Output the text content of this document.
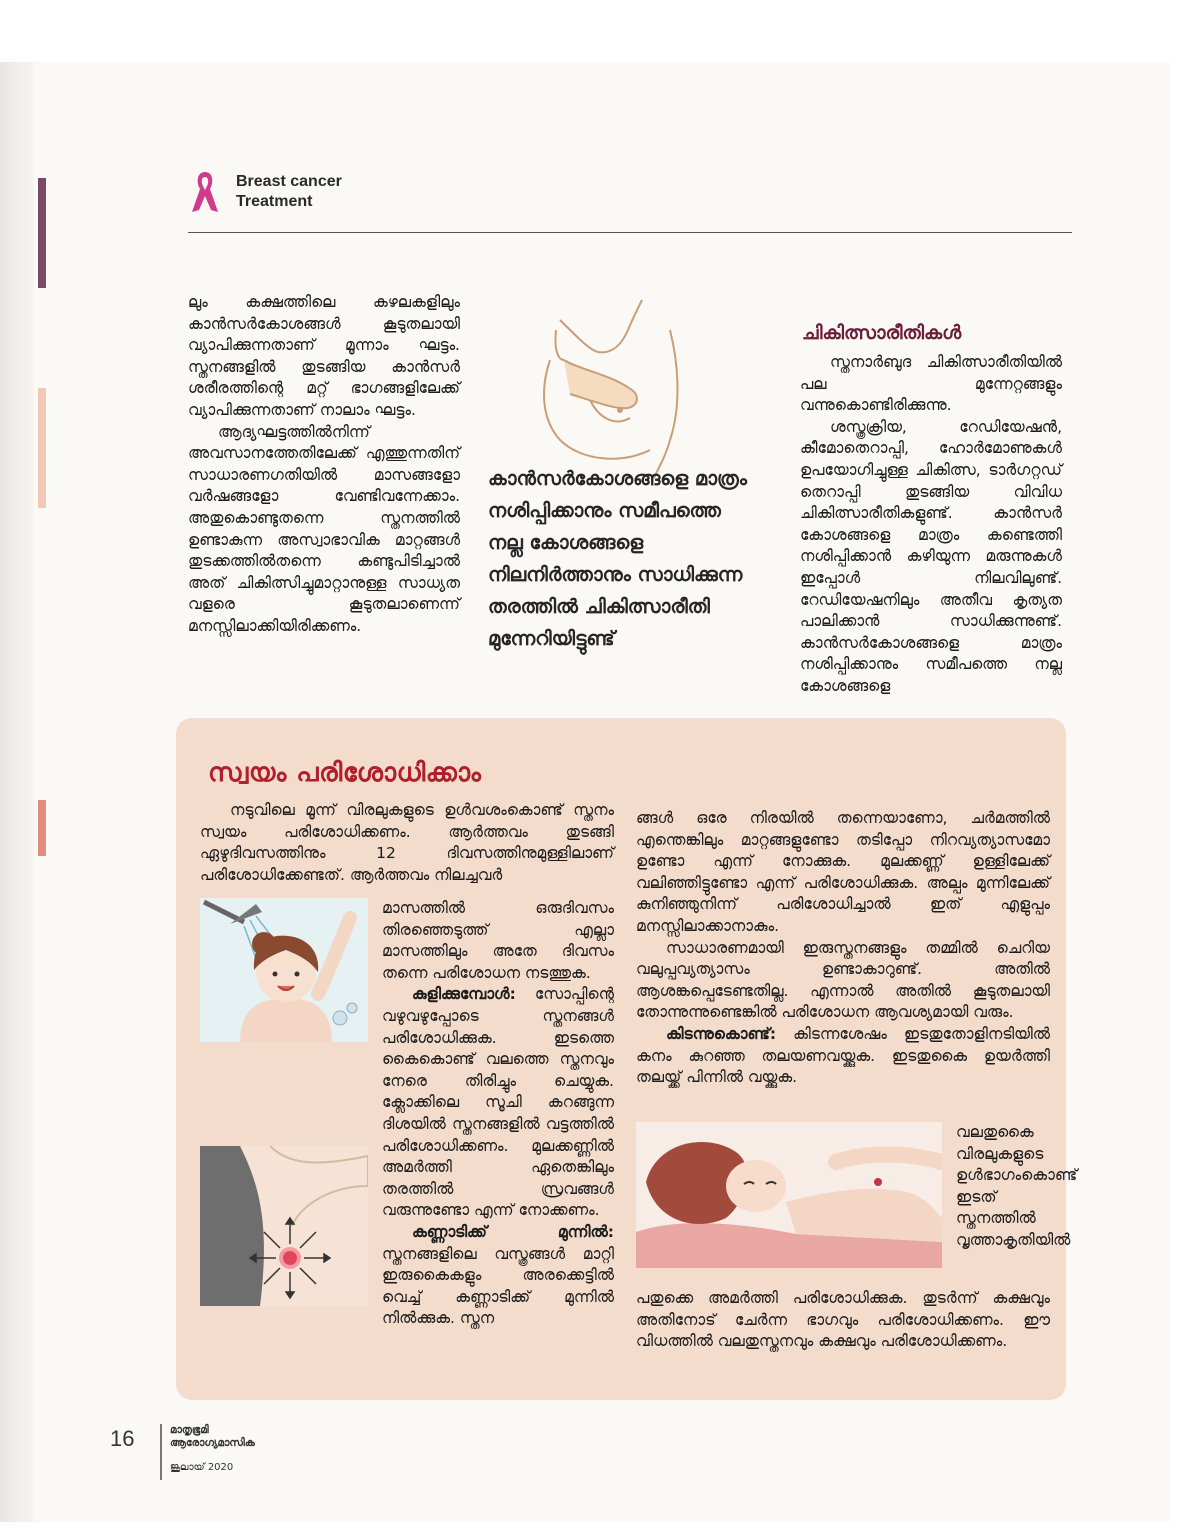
Breast cancer
Treatment

ലും കക്ഷത്തിലെ കഴലകളിലും കാൻസർകോശങ്ങൾ കൂടുതലായി വ്യാപിക്കുന്നതാണ് മൂന്നാം ഘട്ടം. സ്തനങ്ങളിൽ തുടങ്ങിയ കാൻസർ ശരീരത്തിന്റെ മറ്റ് ഭാഗങ്ങളിലേക്ക് വ്യാപിക്കുന്നതാണ് നാലാം ഘട്ടം.

ആദ്യഘട്ടത്തിൽനിന്ന് അവസാനത്തേതിലേക്ക് എത്തുന്നതിന് സാധാരണഗതിയിൽ മാസങ്ങളോ വർഷങ്ങളോ വേണ്ടിവന്നേക്കാം. അതുകൊണ്ടുതന്നെ സ്തനത്തിൽ ഉണ്ടാകുന്ന അസ്വാഭാവിക മാറ്റങ്ങൾ തുടക്കത്തിൽതന്നെ കണ്ടുപിടിച്ചാൽ അത് ചികിത്സിച്ചുമാറ്റാനുള്ള സാധ്യത വളരെ കൂടുതലാണെന്ന് മനസ്സിലാക്കിയിരിക്കണം.

കാൻസർകോശങ്ങളെ മാത്രം നശിപ്പിക്കാനും സമീപത്തെ നല്ല കോശങ്ങളെ നിലനിർത്താനും സാധിക്കുന്ന തരത്തിൽ ചികിത്സാരീതി മുന്നേറിയിട്ടുണ്ട്
ചികിത്സാരീതികൾ

സ്തനാർബുദ ചികിത്സാരീതിയിൽ പല മുന്നേറ്റങ്ങളും വന്നുകൊണ്ടിരിക്കുന്നു.

ശസ്ത്രക്രിയ, റേഡിയേഷൻ, കീമോതെറാപ്പി, ഹോർമോണുകൾ ഉപയോഗിച്ചുള്ള ചികിത്സ, ടാർഗറ്റഡ് തെറാപ്പി തുടങ്ങിയ വിവിധ ചികിത്സാരീതികളുണ്ട്. കാൻസർ കോശങ്ങളെ മാത്രം കണ്ടെത്തി നശിപ്പിക്കാൻ കഴിയുന്ന മരുന്നുകൾ ഇപ്പോൾ നിലവിലുണ്ട്. റേഡിയേഷനിലും അതീവ കൃത്യത പാലിക്കാൻ സാധിക്കുന്നുണ്ട്. കാൻസർകോശങ്ങളെ മാത്രം നശിപ്പിക്കാനും സമീപത്തെ നല്ല കോശങ്ങളെ

സ്വയം പരിശോധിക്കാം

നടുവിലെ മൂന്ന് വിരലുകളുടെ ഉൾവശംകൊണ്ട് സ്തനം സ്വയം പരിശോധിക്കണം. ആർത്തവം തുടങ്ങി ഏഴുദിവസത്തിനും 12 ദിവസത്തിനുമുള്ളിലാണ് പരിശോധിക്കേണ്ടത്. ആർത്തവം നിലച്ചവർ

മാസത്തിൽ ഒരുദിവസം തിരഞ്ഞെടുത്ത് എല്ലാ മാസത്തിലും അതേ ദിവസം തന്നെ പരിശോധന നടത്തുക.

കുളിക്കുമ്പോൾ: സോപ്പിന്റെ വഴുവഴുപ്പോടെ സ്തനങ്ങൾ പരിശോധിക്കുക. ഇടത്തെ കൈകൊണ്ട് വലത്തെ സ്തനവും നേരെ തിരിച്ചും ചെയ്യുക. ക്ലോക്കിലെ സൂചി കറങ്ങുന്ന ദിശയിൽ സ്തനങ്ങളിൽ വട്ടത്തിൽ പരിശോധിക്കണം. മുലക്കണ്ണിൽ അമർത്തി ഏതെങ്കിലും തരത്തിൽ സ്രവങ്ങൾ വരുന്നുണ്ടോ എന്ന് നോക്കണം.

കണ്ണാടിക്ക് മുന്നിൽ: സ്തനങ്ങളിലെ വസ്ത്രങ്ങൾ മാറ്റി ഇരുകൈകളും അരക്കെട്ടിൽ വെച്ച് കണ്ണാടിക്ക് മുന്നിൽ നിൽക്കുക. സ്തന

ങ്ങൾ ഒരേ നിരയിൽ തന്നെയാണോ, ചർമത്തിൽ എന്തെങ്കിലും മാറ്റങ്ങളുണ്ടോ തടിപ്പോ നിറവ്യത്യാസമോ ഉണ്ടോ എന്ന് നോക്കുക. മുലക്കണ്ണ് ഉള്ളിലേക്ക് വലിഞ്ഞിട്ടുണ്ടോ എന്ന് പരിശോധിക്കുക. അല്പം മുന്നിലേക്ക് കുനിഞ്ഞുനിന്ന് പരിശോധിച്ചാൽ ഇത് എളുപ്പം മനസ്സിലാക്കാനാകും.

സാധാരണമായി ഇരുസ്തനങ്ങളും തമ്മിൽ ചെറിയ വലുപ്പവ്യത്യാസം ഉണ്ടാകാറുണ്ട്. അതിൽ ആശങ്കപ്പെടേണ്ടതില്ല. എന്നാൽ അതിൽ കൂടുതലായി തോന്നുന്നുണ്ടെങ്കിൽ പരിശോധന ആവശ്യമായി വരും.

കിടന്നുകൊണ്ട്: കിടന്നശേഷം ഇടതുതോളിനടിയിൽ കനം കുറഞ്ഞ തലയണവയ്ക്കുക. ഇടതുകൈ ഉയർത്തി തലയ്ക്ക് പിന്നിൽ വയ്ക്കുക.

വലതുകൈ വിരലുകളുടെ ഉൾഭാഗംകൊണ്ട് ഇടത് സ്തനത്തിൽ വൃത്താകൃതിയിൽ

പതുക്കെ അമർത്തി പരിശോധിക്കുക. തുടർന്ന് കക്ഷവും അതിനോട് ചേർന്ന ഭാഗവും പരിശോധിക്കണം. ഈ വിധത്തിൽ വലതുസ്തനവും കക്ഷവും പരിശോധിക്കണം.

16	മാതൃഭൂമി
ആരോഗ്യമാസിക
ജൂലായ് 2020
